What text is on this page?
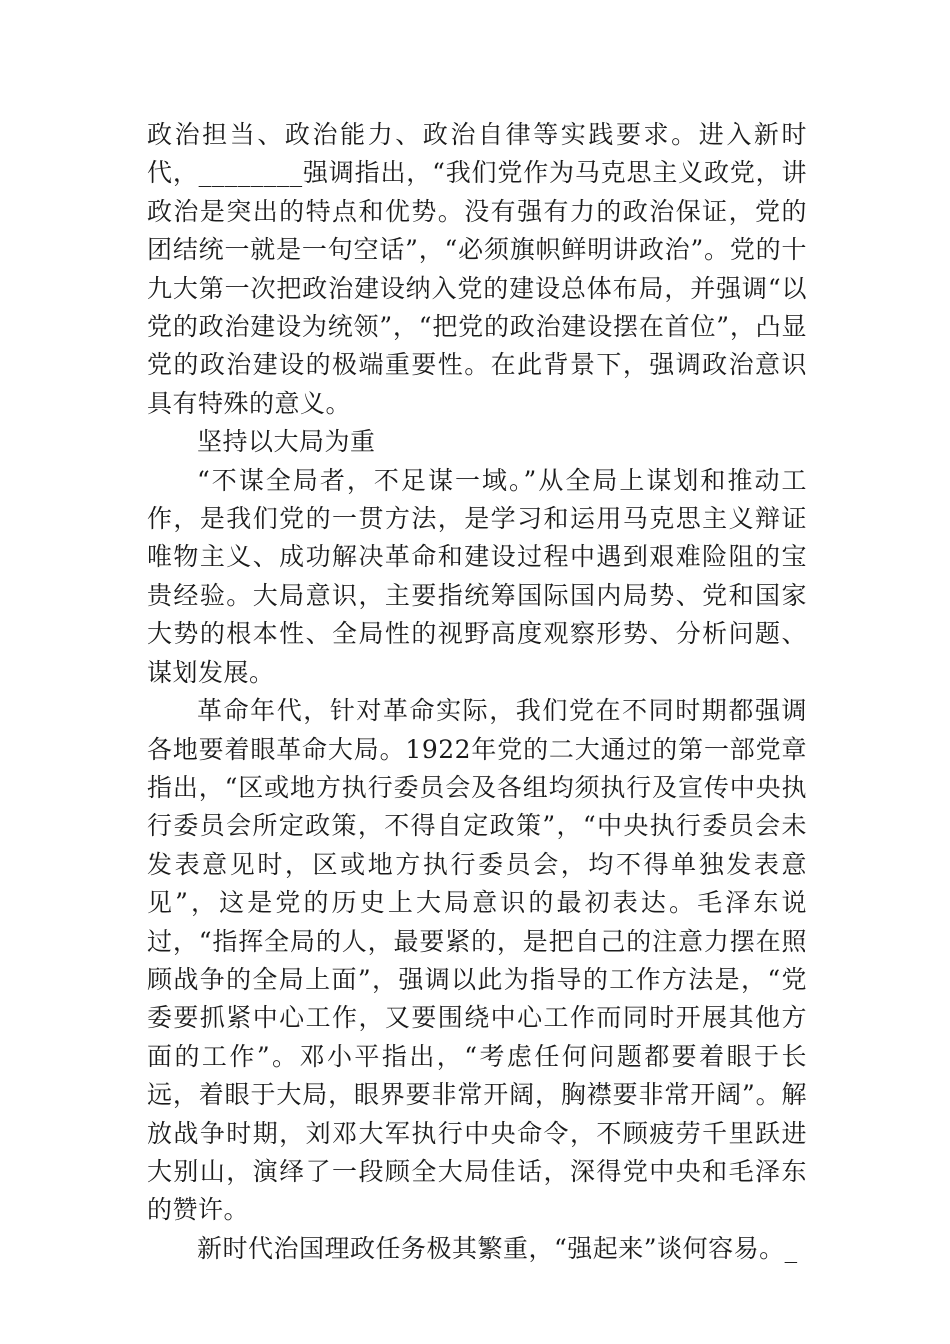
政治担当、政治能力、政治自律等实践要求。进入新时代，________强调指出，“我们党作为马克思主义政党，讲政治是突出的特点和优势。没有强有力的政治保证，党的团结统一就是一句空话”，“必须旗帜鲜明讲政治”。党的十九大第一次把政治建设纳入党的建设总体布局，并强调“以党的政治建设为统领”，“把党的政治建设摆在首位”，凸显党的政治建设的极端重要性。在此背景下，强调政治意识具有特殊的意义。

坚持以大局为重

“不谋全局者，不足谋一域。”从全局上谋划和推动工作，是我们党的一贯方法，是学习和运用马克思主义辩证唯物主义、成功解决革命和建设过程中遇到艰难险阻的宝贵经验。大局意识，主要指统筹国际国内局势、党和国家大势的根本性、全局性的视野高度观察形势、分析问题、谋划发展。

革命年代，针对革命实际，我们党在不同时期都强调各地要着眼革命大局。1922年党的二大通过的第一部党章指出，“区或地方执行委员会及各组均须执行及宣传中央执行委员会所定政策，不得自定政策”，“中央执行委员会未发表意见时，区或地方执行委员会，均不得单独发表意见”，这是党的历史上大局意识的最初表达。毛泽东说过，“指挥全局的人，最要紧的，是把自己的注意力摆在照顾战争的全局上面”，强调以此为指导的工作方法是，“党委要抓紧中心工作，又要围绕中心工作而同时开展其他方面的工作”。邓小平指出，“考虑任何问题都要着眼于长远，着眼于大局，眼界要非常开阔，胸襟要非常开阔”。解放战争时期，刘邓大军执行中央命令，不顾疲劳千里跃进大别山，演绎了一段顾全大局佳话，深得党中央和毛泽东的赞许。

新时代治国理政任务极其繁重，“强起来”谈何容易。_
